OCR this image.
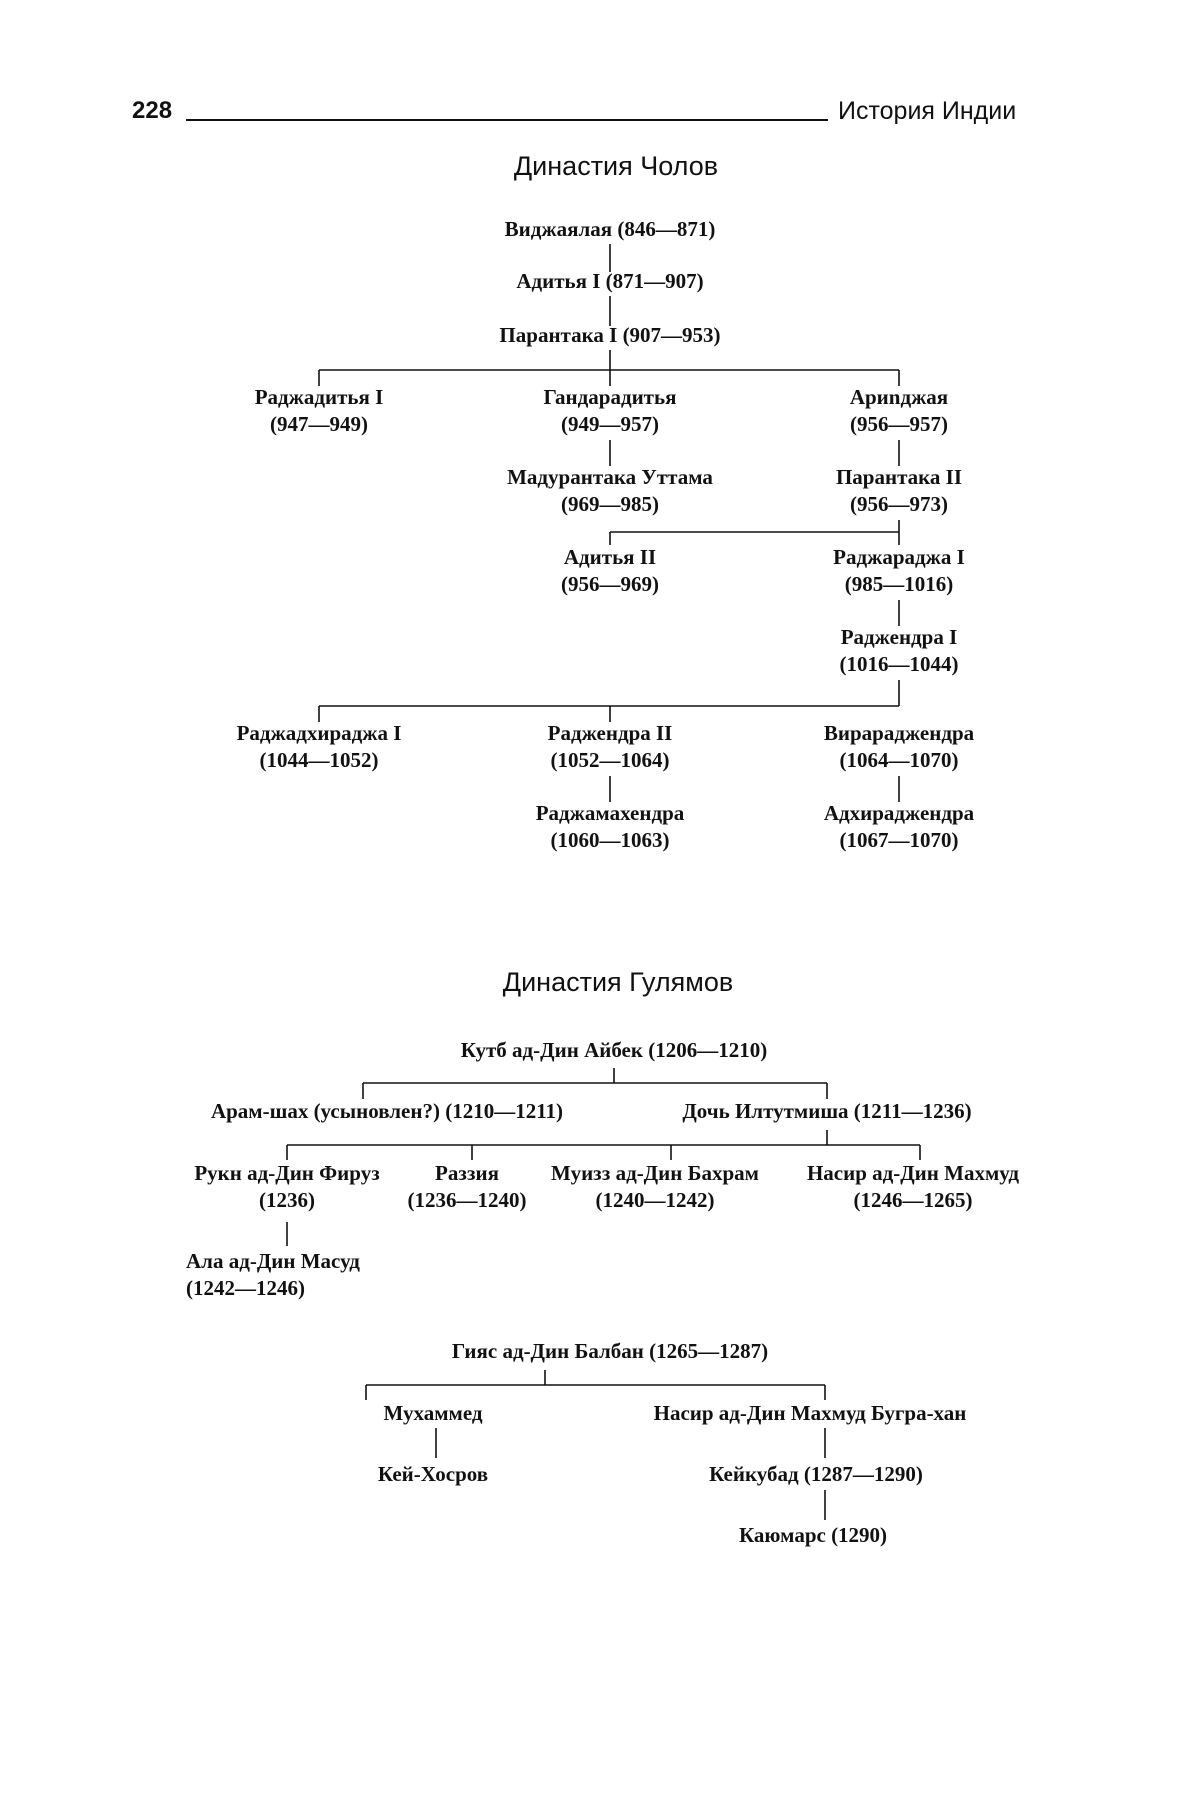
228	История Индии
Династия Чолов
Виджаялая (846—871)
Адитья I (871—907)
Парантака I (907—953)
Раджадитья I
(947—949)
Гандарадитья
(949—957)
Ариnджая
(956—957)
Мадурантака Уттама
(969—985)
Парантака II
(956—973)
Адитья II
(956—969)
Раджараджа I
(985—1016)
Раджендра I
(1016—1044)
Раджадхираджа I
(1044—1052)
Раджендра II
(1052—1064)
Вирараджендра
(1064—1070)
Раджамахендра
(1060—1063)
Адхираджендра
(1067—1070)
Династия Гулямов
Кутб ад-Дин Айбек (1206—1210)
Арам-шах (усыновлен?) (1210—1211)	Дочь Илтутмиша (1211—1236)
Рукн ад-Дин Фируз
(1236)
Раззия
(1236—1240)
Муизз ад-Дин Бахрам
(1240—1242)
Насир ад-Дин Махмуд
(1246—1265)
Ала ад-Дин Масуд
(1242—1246)
Гияс ад-Дин Балбан (1265—1287)
Мухаммед	Насир ад-Дин Махмуд Бугра-хан
Кей-Хосров	Кейкубад (1287—1290)
Каюмарс (1290)
